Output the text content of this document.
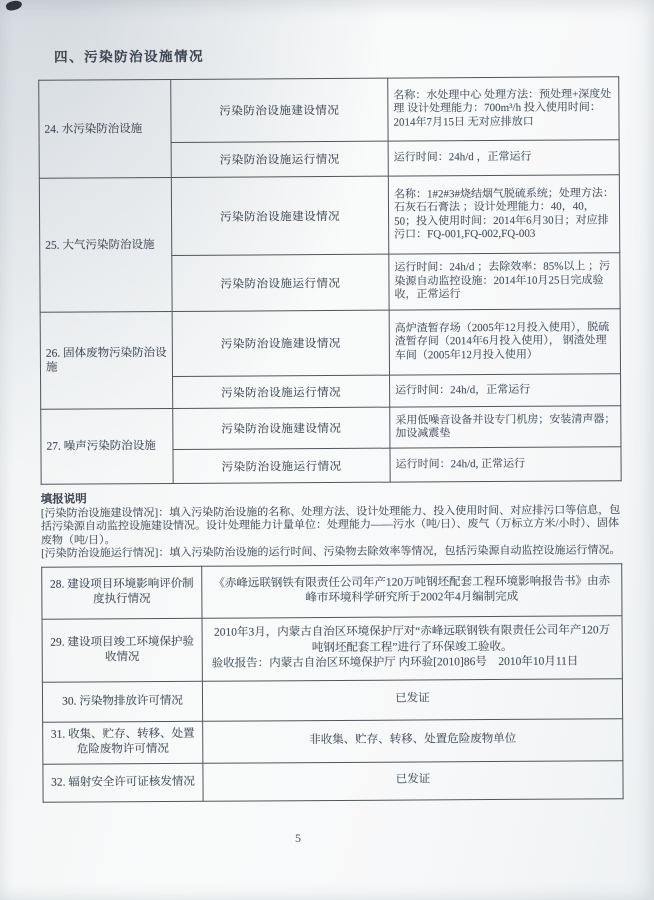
四、污染防治设施情况
24. 水污染防治设施	污染防治设施建设情况	名称：水处理中心 处理方法：预处理+深度处理 设计处理能力：700m³/h 投入使用时间：2014年7月15日 无对应排放口
	污染防治设施运行情况	运行时间：24h/d ，正常运行
25. 大气污染防治设施	污染防治设施建设情况	名称：1#2#3#烧结烟气脱硫系统；处理方法：石灰石石膏法 ；设计处理能力：40，40，50；投入使用时间：2014年6月30日；对应排污口：FQ-001,FQ-002,FQ-003
	污染防治设施运行情况	运行时间：24h/d ；去除效率：85%以上 ；污染源自动监控设施：2014年10月25日完成验收，正常运行
26. 固体废物污染防治设施	污染防治设施建设情况	高炉渣暂存场（2005年12月投入使用），脱硫渣暂存间（2014年6月投入使用）， 钢渣处理车间（2005年12月投入使用）
	污染防治设施运行情况	运行时间：24h/d，正常运行
27. 噪声污染防治设施	污染防治设施建设情况	采用低噪音设备并设专门机房；安装清声器；加设减震垫
	污染防治设施运行情况	运行时间：24h/d, 正常运行
填报说明

[污染防治设施建设情况]：填入污染防治设施的名称、处理方法、设计处理能力、投入使用时间、对应排污口等信息，包括污染源自动监控设施建设情况。设计处理能力计量单位：处理能力——污水（吨/日）、废气（万标立方米/小时）、固体废物（吨/日）。

[污染防治设施运行情况]：填入污染防治设施的运行时间、污染物去除效率等情况，包括污染源自动监控设施运行情况。

28. 建设项目环境影响评价制度执行情况	《赤峰远联钢铁有限责任公司年产120万吨钢坯配套工程环境影响报告书》由赤峰市环境科学研究所于2002年4月编制完成
29. 建设项目竣工环境保护验收情况	2010年3月，内蒙古自治区环境保护厅对“赤峰远联钢铁有限责任公司年产120万吨钢坯配套工程”进行了环保竣工验收。
验收报告：内蒙古自治区环境保护厅 内环验[2010]86号　2010年10月11日

30. 污染物排放许可情况	已发证
31. 收集、贮存、转移、处置危险废物许可情况	非收集、贮存、转移、处置危险废物单位
32. 辐射安全许可证核发情况	已发证
5
